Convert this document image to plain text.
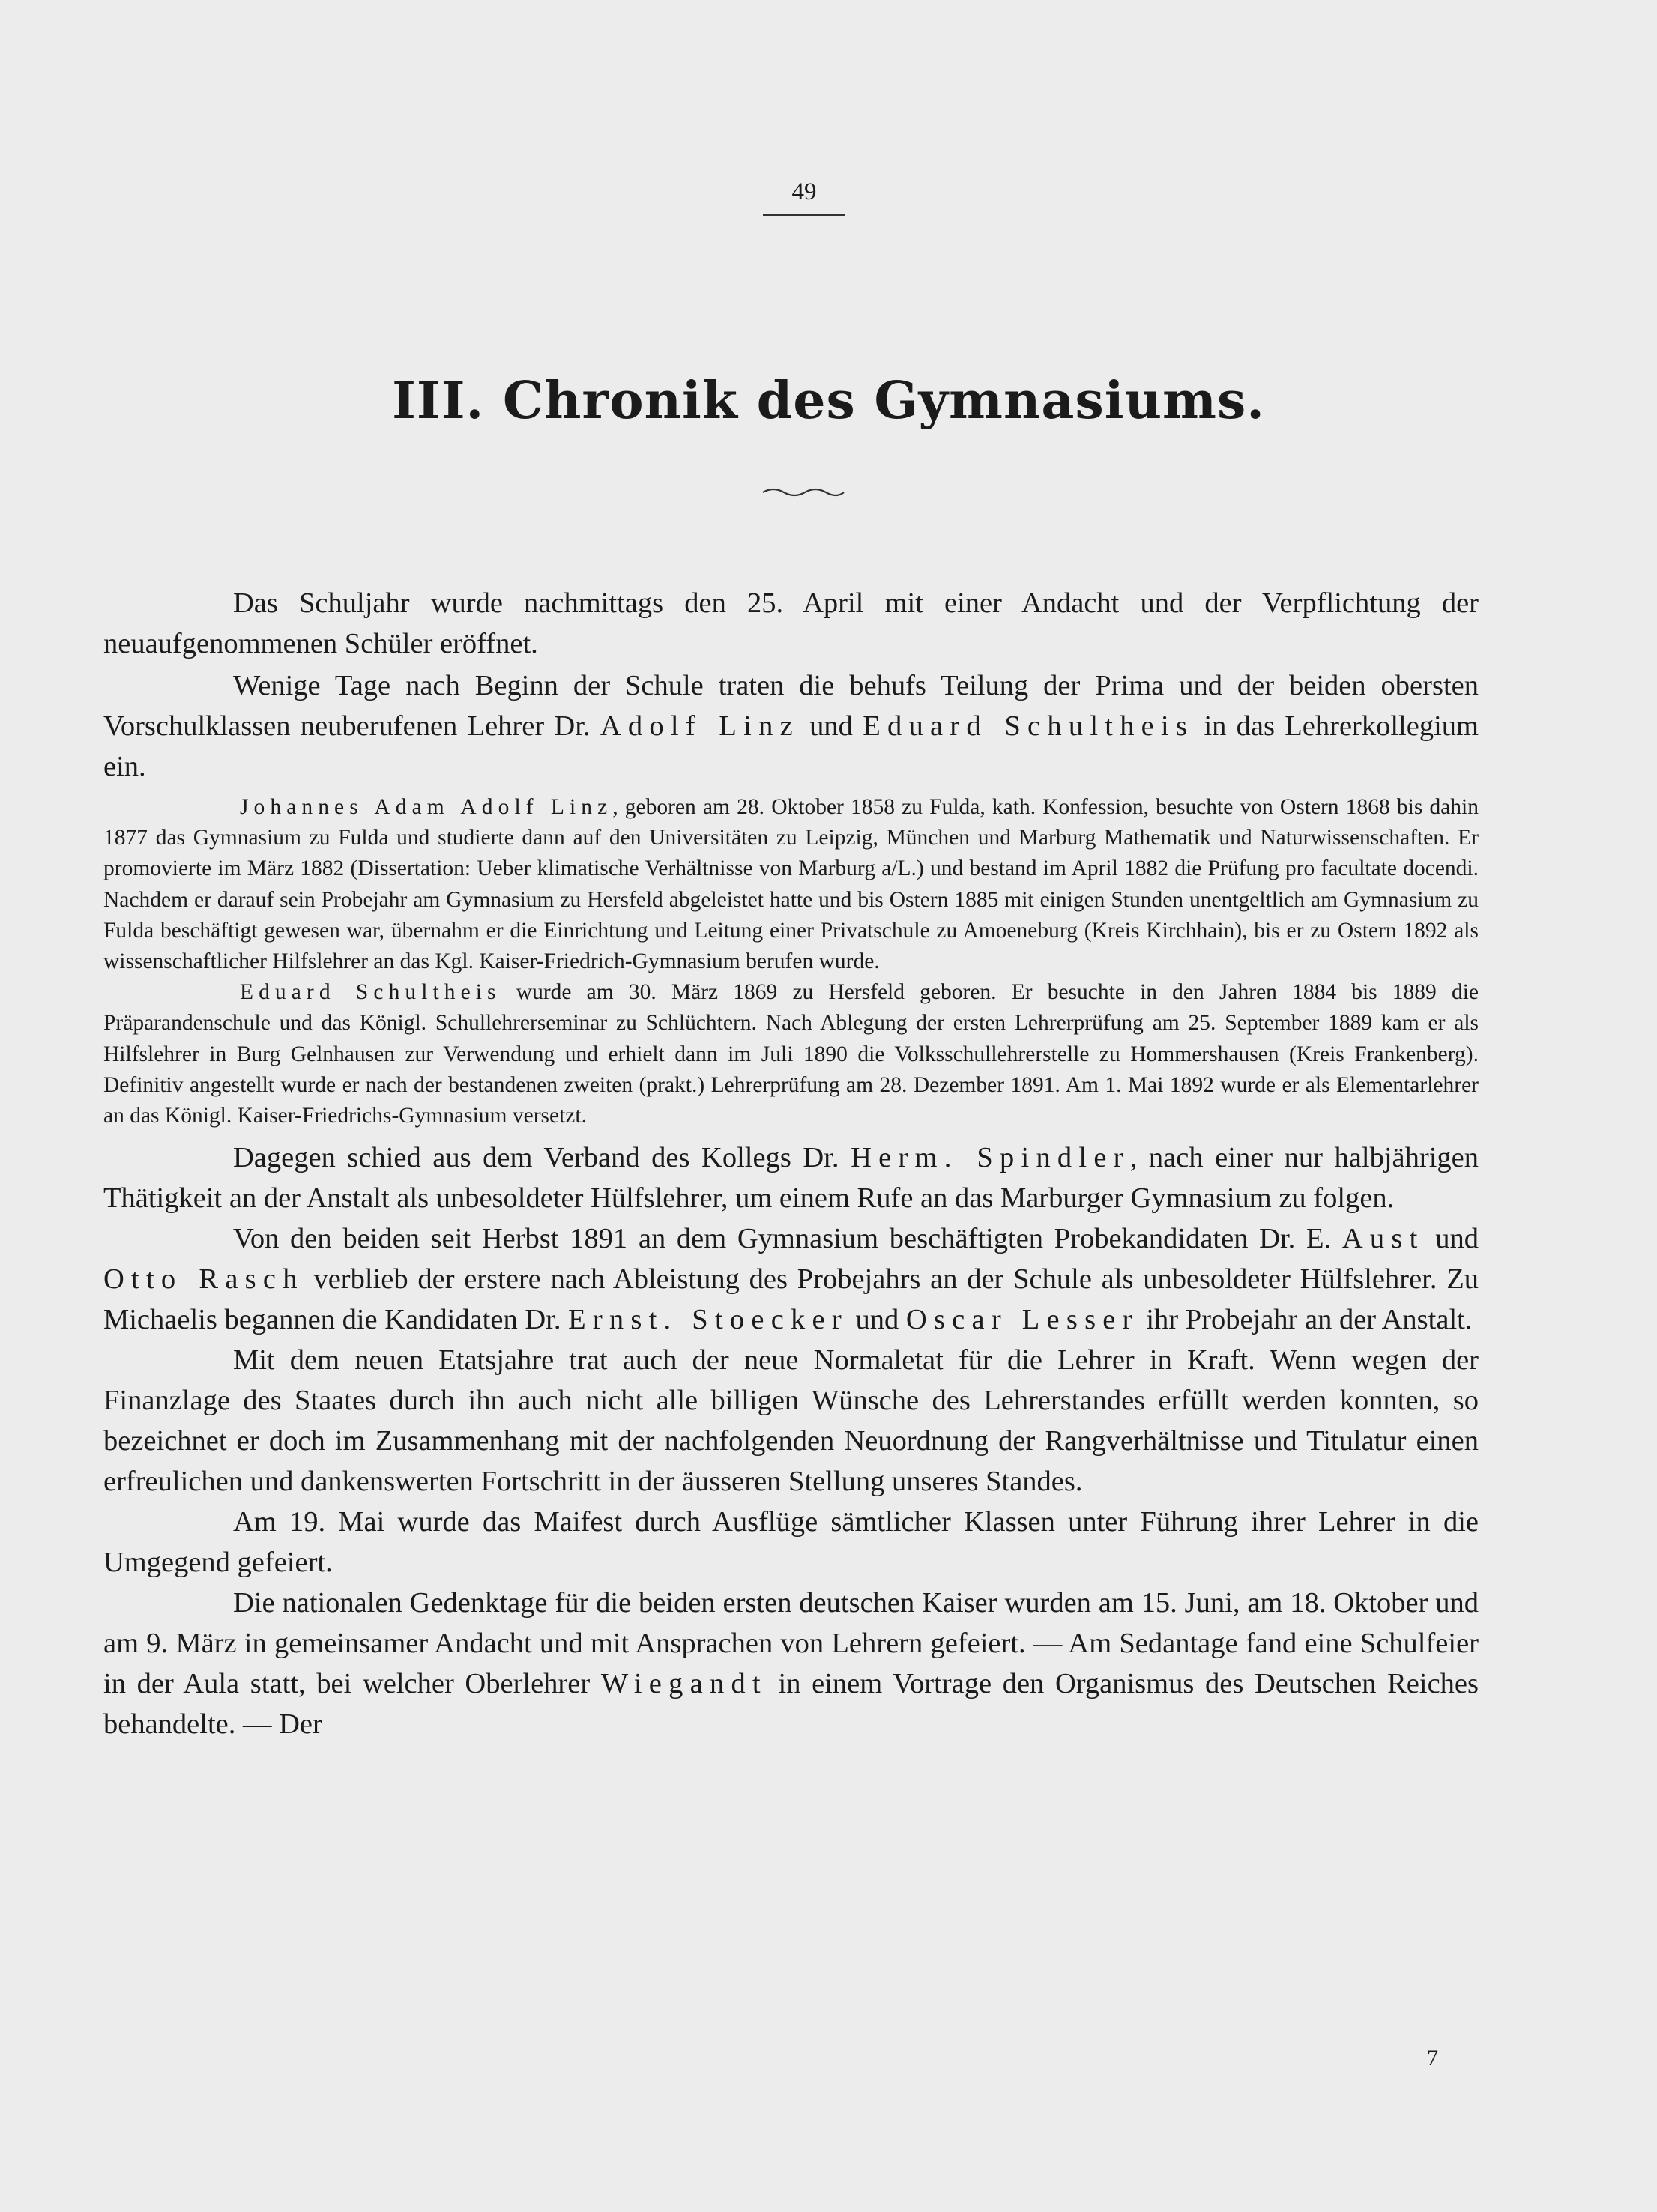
49
III. Chronik des Gymnasiums.

Das Schuljahr wurde nachmittags den 25. April mit einer Andacht und der Verpflichtung der neuaufgenommenen Schüler eröffnet.

Wenige Tage nach Beginn der Schule traten die behufs Teilung der Prima und der beiden obersten Vorschulklassen neuberufenen Lehrer Dr. Adolf Linz und Eduard Schultheis in das Lehrerkollegium ein.

Johannes Adam Adolf Linz, geboren am 28. Oktober 1858 zu Fulda, kath. Konfession, besuchte von Ostern 1868 bis dahin 1877 das Gymnasium zu Fulda und studierte dann auf den Universitäten zu Leipzig, München und Marburg Mathematik und Naturwissenschaften. Er promovierte im März 1882 (Dissertation: Ueber klimatische Verhältnisse von Marburg a/L.) und bestand im April 1882 die Prüfung pro facultate docendi. Nachdem er darauf sein Probejahr am Gymnasium zu Hersfeld abgeleistet hatte und bis Ostern 1885 mit einigen Stunden unentgeltlich am Gymnasium zu Fulda beschäftigt gewesen war, übernahm er die Einrichtung und Leitung einer Privatschule zu Amoeneburg (Kreis Kirchhain), bis er zu Ostern 1892 als wissenschaftlicher Hilfslehrer an das Kgl. Kaiser-Friedrich-Gymnasium berufen wurde.

Eduard Schultheis wurde am 30. März 1869 zu Hersfeld geboren. Er besuchte in den Jahren 1884 bis 1889 die Präparandenschule und das Königl. Schullehrerseminar zu Schlüchtern. Nach Ablegung der ersten Lehrerprüfung am 25. September 1889 kam er als Hilfslehrer in Burg Gelnhausen zur Verwendung und erhielt dann im Juli 1890 die Volksschullehrerstelle zu Hommershausen (Kreis Frankenberg). Definitiv angestellt wurde er nach der bestandenen zweiten (prakt.) Lehrerprüfung am 28. Dezember 1891. Am 1. Mai 1892 wurde er als Elementarlehrer an das Königl. Kaiser-Friedrichs-Gymnasium versetzt.

Dagegen schied aus dem Verband des Kollegs Dr. Herm. Spindler, nach einer nur halbjährigen Thätigkeit an der Anstalt als unbesoldeter Hülfslehrer, um einem Rufe an das Marburger Gymnasium zu folgen.

Von den beiden seit Herbst 1891 an dem Gymnasium beschäftigten Probekandidaten Dr. E. Aust und Otto Rasch verblieb der erstere nach Ableistung des Probejahrs an der Schule als unbesoldeter Hülfslehrer. Zu Michaelis begannen die Kandidaten Dr. Ernst. Stoecker und Oscar Lesser ihr Probejahr an der Anstalt.

Mit dem neuen Etatsjahre trat auch der neue Normaletat für die Lehrer in Kraft. Wenn wegen der Finanzlage des Staates durch ihn auch nicht alle billigen Wünsche des Lehrerstandes erfüllt werden konnten, so bezeichnet er doch im Zusammenhang mit der nachfolgenden Neuordnung der Rangverhältnisse und Titulatur einen erfreulichen und dankenswerten Fortschritt in der äusseren Stellung unseres Standes.

Am 19. Mai wurde das Maifest durch Ausflüge sämtlicher Klassen unter Führung ihrer Lehrer in die Umgegend gefeiert.

Die nationalen Gedenktage für die beiden ersten deutschen Kaiser wurden am 15. Juni, am 18. Oktober und am 9. März in gemeinsamer Andacht und mit Ansprachen von Lehrern gefeiert. — Am Sedantage fand eine Schulfeier in der Aula statt, bei welcher Oberlehrer Wiegandt in einem Vortrage den Organismus des Deutschen Reiches behandelte. — Der

7
